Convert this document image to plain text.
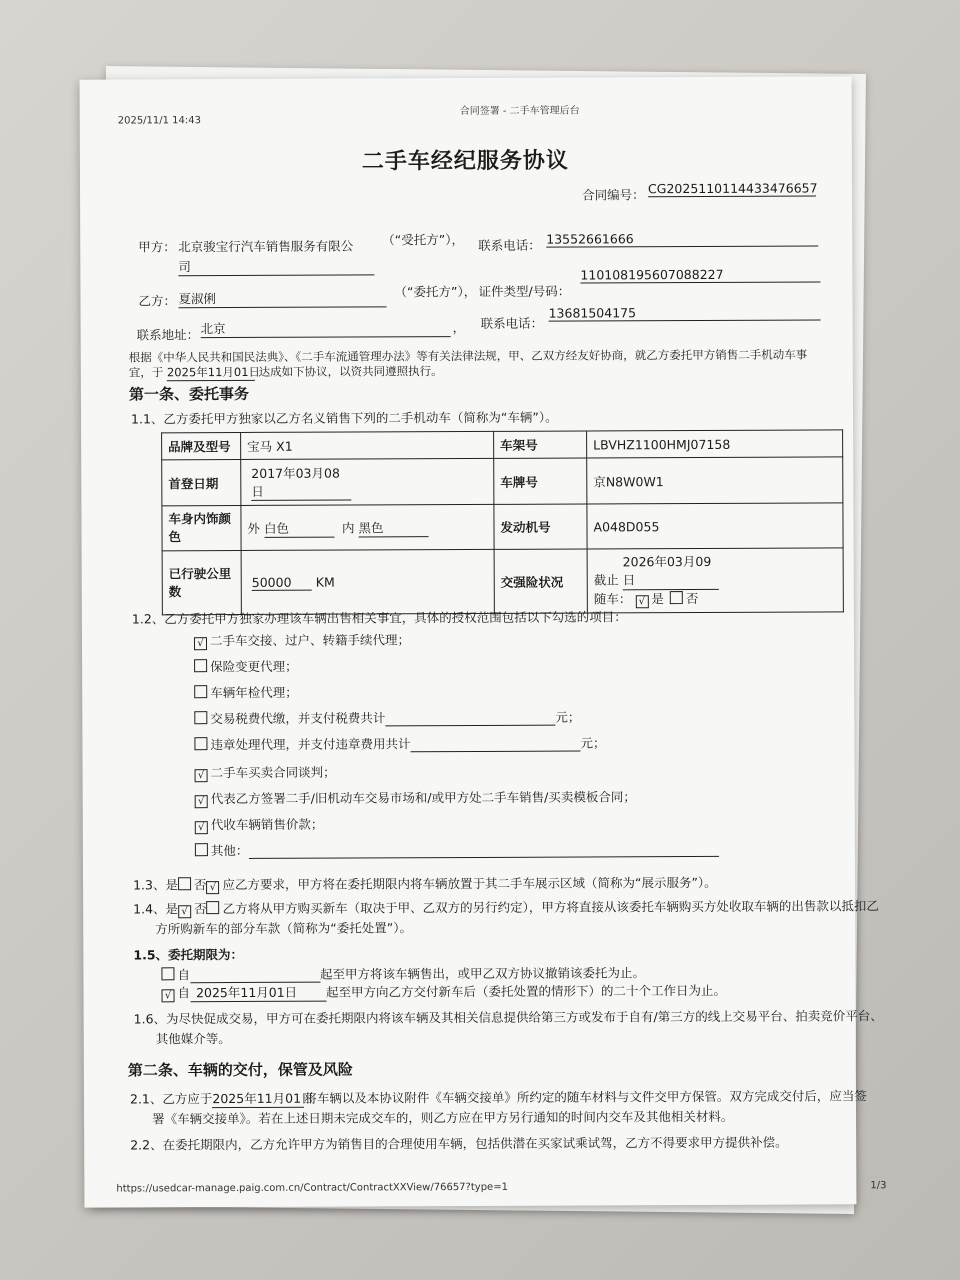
2025/11/1 14:43
合同签署 - 二手车管理后台
二手车经纪服务协议
合同编号： CG2025110114433476657
甲方： 北京骏宝行汽车销售服务有限公
司
（“受托方”）， 联系电话： 13552661666
乙方： 夏淑俐	（“委托方”）， 证件类型/号码：
110108195607088227
联系地址： 北京	， 联系电话：
13681504175
根据《中华人民共和国民法典》、《二手车流通管理办法》等有关法律法规，甲、乙双方经友好协商，就乙方委托甲方销售二手机动车事
宜，于 2025年11月01日 达成如下协议，以资共同遵照执行。
第一条、委托事务
1.1、乙方委托甲方独家以乙方名义销售下列的二手机动车（简称为“车辆”）。
品牌及型号	宝马 X1	车架号	LBVHZ1100HMJ07158
首登日期	2017年03月08日	车牌号	京N8W0W1
车身内饰颜
色	外 白色 内 黑色	发动机号	A048D055
已行驶公里
数	50000 KM	交强险状况	截止 2026年03月09日
随车： √ 是 否
1.2、乙方委托甲方独家办理该车辆出售相关事宜，具体的授权范围包括以下勾选的项目：
√ 二手车交接、过户、转籍手续代理；
保险变更代理；
车辆年检代理；
交易税费代缴，并支付税费共计	元；
违章处理代理，并支付违章费用共计	元；
√ 二手车买卖合同谈判；
√ 代表乙方签署二手/旧机动车交易市场和/或甲方处二手车销售/买卖模板合同；
√ 代收车辆销售价款；
其他：
1.3、是 否 √ 应乙方要求，甲方将在委托期限内将车辆放置于其二手车展示区域（简称为“展示服务”）。
1.4、是 √ 否 乙方将从甲方购买新车（取决于甲、乙双方的另行约定），甲方将直接从该委托车辆购买方处收取车辆的出售款以抵扣乙
方所购新车的部分车款（简称为“委托处置”）。
1.5、委托期限为：
自	起至甲方将该车辆售出，或甲乙双方协议撤销该委托为止。
√ 自 2025年11月01日 起至甲方向乙方交付新车后（委托处置的情形下）的二十个工作日为止。
1.6、为尽快促成交易，甲方可在委托期限内将该车辆及其相关信息提供给第三方或发布于自有/第三方的线上交易平台、拍卖竞价平台、
其他媒介等。
第二条、车辆的交付，保管及风险
2.1、乙方应于2025年11月01日将车辆以及本协议附件《车辆交接单》所约定的随车材料与文件交甲方保管。双方完成交付后，应当签
署《车辆交接单》。若在上述日期未完成交车的，则乙方应在甲方另行通知的时间内交车及其他相关材料。
2.2、在委托期限内，乙方允许甲方为销售目的合理使用车辆，包括供潜在买家试乘试驾，乙方不得要求甲方提供补偿。
https://usedcar-manage.paig.com.cn/Contract/ContractXXView/76657?type=1	1/3
